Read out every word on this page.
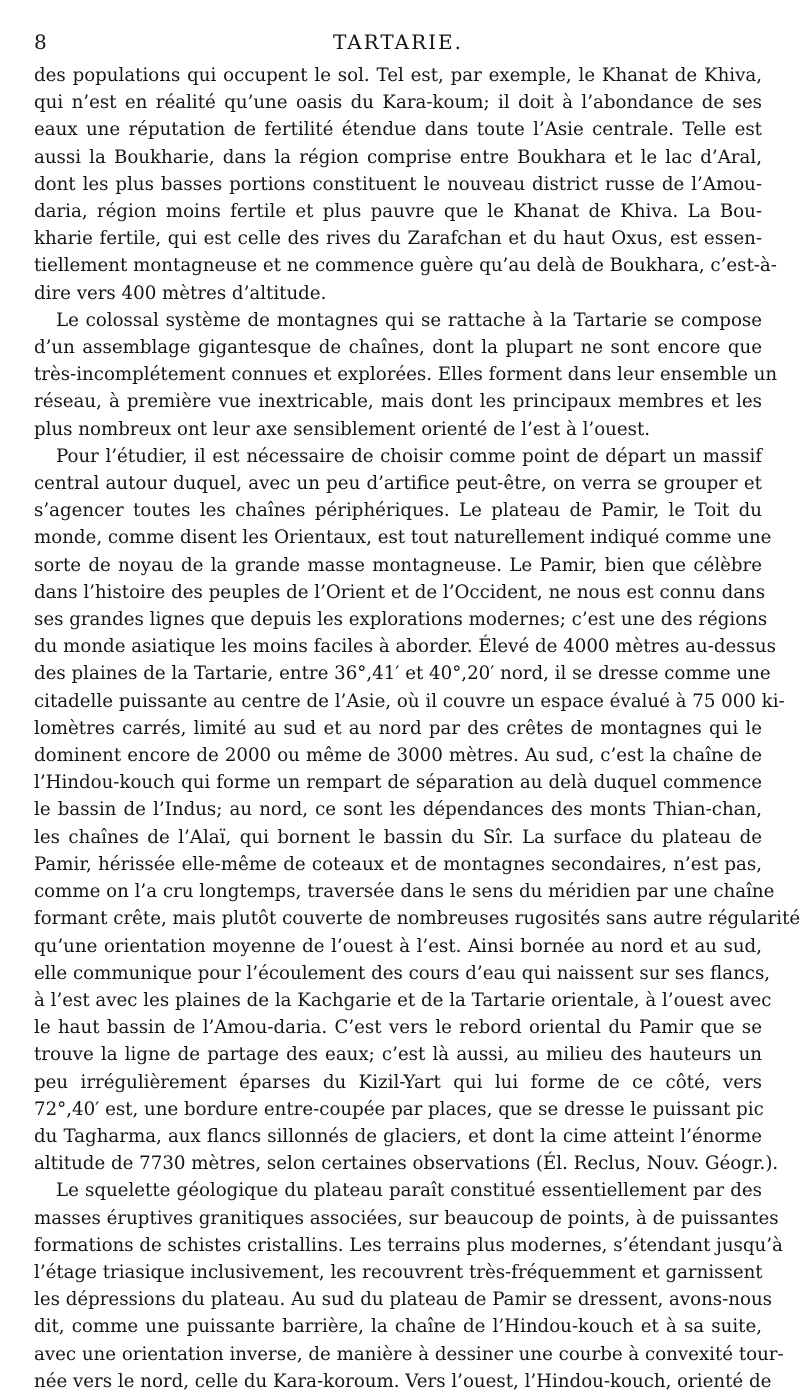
8	TARTARIE.

des populations qui occupent le sol. Tel est, par exemple, le Khanat de Khiva,
qui n’est en réalité qu’une oasis du Kara-koum; il doit à l’abondance de ses
eaux une réputation de fertilité étendue dans toute l’Asie centrale. Telle est
aussi la Boukharie, dans la région comprise entre Boukhara et le lac d’Aral,
dont les plus basses portions constituent le nouveau district russe de l’Amou-
daria, région moins fertile et plus pauvre que le Khanat de Khiva. La Bou-
kharie fertile, qui est celle des rives du Zarafchan et du haut Oxus, est essen-
tiellement montagneuse et ne commence guère qu’au delà de Boukhara, c’est-à-
dire vers 400 mètres d’altitude.

Le colossal système de montagnes qui se rattache à la Tartarie se compose
d’un assemblage gigantesque de chaînes, dont la plupart ne sont encore que
très-incomplétement connues et explorées. Elles forment dans leur ensemble un
réseau, à première vue inextricable, mais dont les principaux membres et les
plus nombreux ont leur axe sensiblement orienté de l’est à l’ouest.

Pour l’étudier, il est nécessaire de choisir comme point de départ un massif
central autour duquel, avec un peu d’artifice peut-être, on verra se grouper et
s’agencer toutes les chaînes périphériques. Le plateau de Pamir, le Toit du
monde, comme disent les Orientaux, est tout naturellement indiqué comme une
sorte de noyau de la grande masse montagneuse. Le Pamir, bien que célèbre
dans l’histoire des peuples de l’Orient et de l’Occident, ne nous est connu dans
ses grandes lignes que depuis les explorations modernes; c’est une des régions
du monde asiatique les moins faciles à aborder. Élevé de 4000 mètres au-dessus
des plaines de la Tartarie, entre 36°,41′ et 40°,20′ nord, il se dresse comme une
citadelle puissante au centre de l’Asie, où il couvre un espace évalué à 75 000 ki-
lomètres carrés, limité au sud et au nord par des crêtes de montagnes qui le
dominent encore de 2000 ou même de 3000 mètres. Au sud, c’est la chaîne de
l’Hindou-kouch qui forme un rempart de séparation au delà duquel commence
le bassin de l’Indus; au nord, ce sont les dépendances des monts Thian-chan,
les chaînes de l’Alaï, qui bornent le bassin du Sîr. La surface du plateau de
Pamir, hérissée elle-même de coteaux et de montagnes secondaires, n’est pas,
comme on l’a cru longtemps, traversée dans le sens du méridien par une chaîne
formant crête, mais plutôt couverte de nombreuses rugosités sans autre régularité
qu’une orientation moyenne de l’ouest à l’est. Ainsi bornée au nord et au sud,
elle communique pour l’écoulement des cours d’eau qui naissent sur ses flancs,
à l’est avec les plaines de la Kachgarie et de la Tartarie orientale, à l’ouest avec
le haut bassin de l’Amou-daria. C’est vers le rebord oriental du Pamir que se
trouve la ligne de partage des eaux; c’est là aussi, au milieu des hauteurs un
peu irrégulièrement éparses du Kizil-Yart qui lui forme de ce côté, vers
72°,40′ est, une bordure entre-coupée par places, que se dresse le puissant pic
du Tagharma, aux flancs sillonnés de glaciers, et dont la cime atteint l’énorme
altitude de 7730 mètres, selon certaines observations (Él. Reclus, Nouv. Géogr.).

Le squelette géologique du plateau paraît constitué essentiellement par des
masses éruptives granitiques associées, sur beaucoup de points, à de puissantes
formations de schistes cristallins. Les terrains plus modernes, s’étendant jusqu’à
l’étage triasique inclusivement, les recouvrent très-fréquemment et garnissent
les dépressions du plateau. Au sud du plateau de Pamir se dressent, avons-nous
dit, comme une puissante barrière, la chaîne de l’Hindou-kouch et à sa suite,
avec une orientation inverse, de manière à dessiner une courbe à convexité tour-
née vers le nord, celle du Kara-koroum. Vers l’ouest, l’Hindou-kouch, orienté de
